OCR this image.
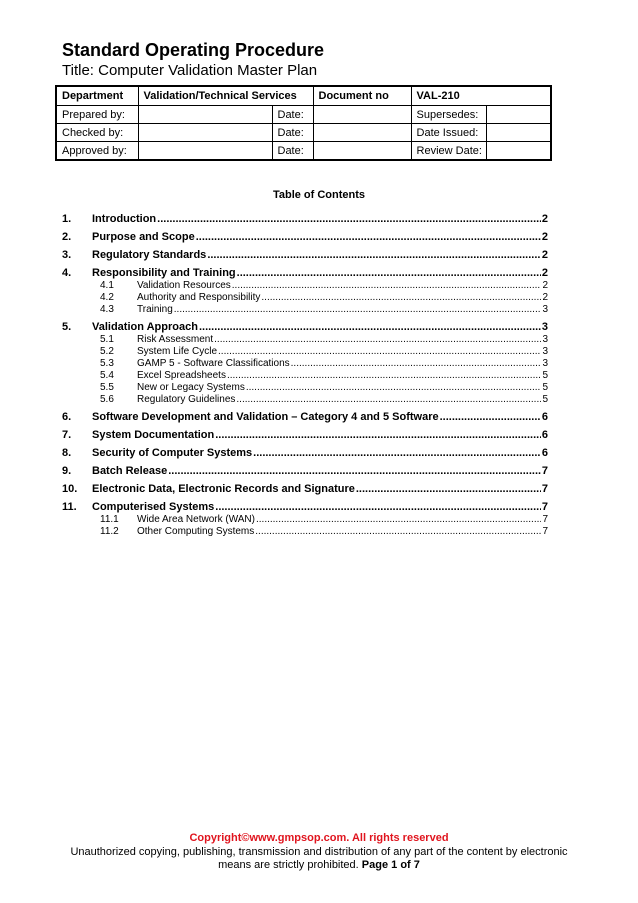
Standard Operating Procedure
Title: Computer Validation Master Plan
Department	Validation/Technical Services		Document no	VAL-210	
Prepared by:		Date:		Supersedes:	
Checked by:		Date:		Date Issued:	
Approved by:		Date:		Review Date:	
Table of Contents
1.	Introduction .....	2
2.	Purpose and Scope .....	2
3.	Regulatory Standards .....	2
4.	Responsibility and Training .....	2
4.1	Validation Resources .....	2
4.2	Authority and Responsibility .....	2
4.3	Training .....	3
5.	Validation Approach .....	3
5.1	Risk Assessment .....	3
5.2	System Life Cycle .....	3
5.3	GAMP 5 - Software Classifications .....	3
5.4	Excel Spreadsheets .....	5
5.5	New or Legacy Systems .....	5
5.6	Regulatory Guidelines .....	5
6.	Software Development and Validation – Category 4 and 5 Software .....	6
7.	System Documentation .....	6
8.	Security of Computer Systems .....	6
9.	Batch Release .....	7
10.	Electronic Data, Electronic Records and Signature .....	7
11.	Computerised Systems .....	7
11.1	Wide Area Network (WAN) .....	7
11.2	Other Computing Systems .....	7
Copyright©www.gmpsop.com. All rights reserved
Unauthorized copying, publishing, transmission and distribution of any part of the content by electronic means are strictly prohibited. Page 1 of 7
